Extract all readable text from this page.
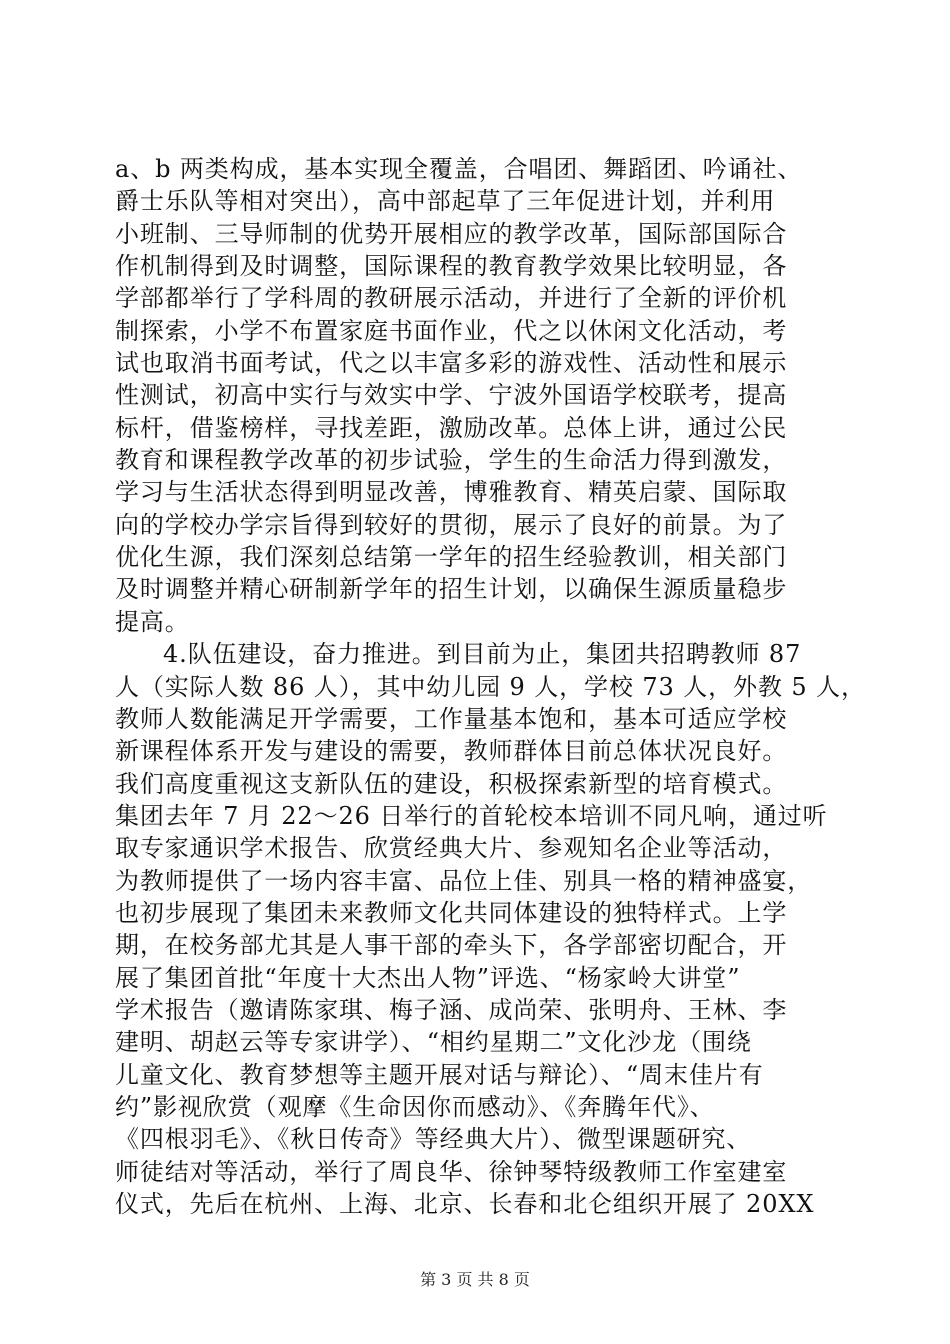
a、b 两类构成，基本实现全覆盖，合唱团、舞蹈团、吟诵社、
爵士乐队等相对突出），高中部起草了三年促进计划，并利用
小班制、三导师制的优势开展相应的教学改革，国际部国际合
作机制得到及时调整，国际课程的教育教学效果比较明显，各
学部都举行了学科周的教研展示活动，并进行了全新的评价机
制探索，小学不布置家庭书面作业，代之以休闲文化活动，考
试也取消书面考试，代之以丰富多彩的游戏性、活动性和展示
性测试，初高中实行与效实中学、宁波外国语学校联考，提高
标杆，借鉴榜样，寻找差距，激励改革。总体上讲，通过公民
教育和课程教学改革的初步试验，学生的生命活力得到激发，
学习与生活状态得到明显改善，博雅教育、精英启蒙、国际取
向的学校办学宗旨得到较好的贯彻，展示了良好的前景。为了
优化生源，我们深刻总结第一学年的招生经验教训，相关部门
及时调整并精心研制新学年的招生计划，以确保生源质量稳步
提高。
4.队伍建设，奋力推进。到目前为止，集团共招聘教师 87
人（实际人数 86 人），其中幼儿园 9 人，学校 73 人，外教 5 人，
教师人数能满足开学需要，工作量基本饱和，基本可适应学校
新课程体系开发与建设的需要，教师群体目前总体状况良好。
我们高度重视这支新队伍的建设，积极探索新型的培育模式。
集团去年 7 月 22～26 日举行的首轮校本培训不同凡响，通过听
取专家通识学术报告、欣赏经典大片、参观知名企业等活动，
为教师提供了一场内容丰富、品位上佳、别具一格的精神盛宴，
也初步展现了集团未来教师文化共同体建设的独特样式。上学
期，在校务部尤其是人事干部的牵头下，各学部密切配合，开
展了集团首批“年度十大杰出人物”评选、“杨家岭大讲堂”
学术报告（邀请陈家琪、梅子涵、成尚荣、张明舟、王林、李
建明、胡赵云等专家讲学）、“相约星期二”文化沙龙（围绕
儿童文化、教育梦想等主题开展对话与辩论）、“周末佳片有
约”影视欣赏（观摩《生命因你而感动》、《奔腾年代》、
《四根羽毛》、《秋日传奇》等经典大片）、微型课题研究、
师徒结对等活动，举行了周良华、徐钟琴特级教师工作室建室
仪式，先后在杭州、上海、北京、长春和北仑组织开展了 20XX
第 3 页 共 8 页
